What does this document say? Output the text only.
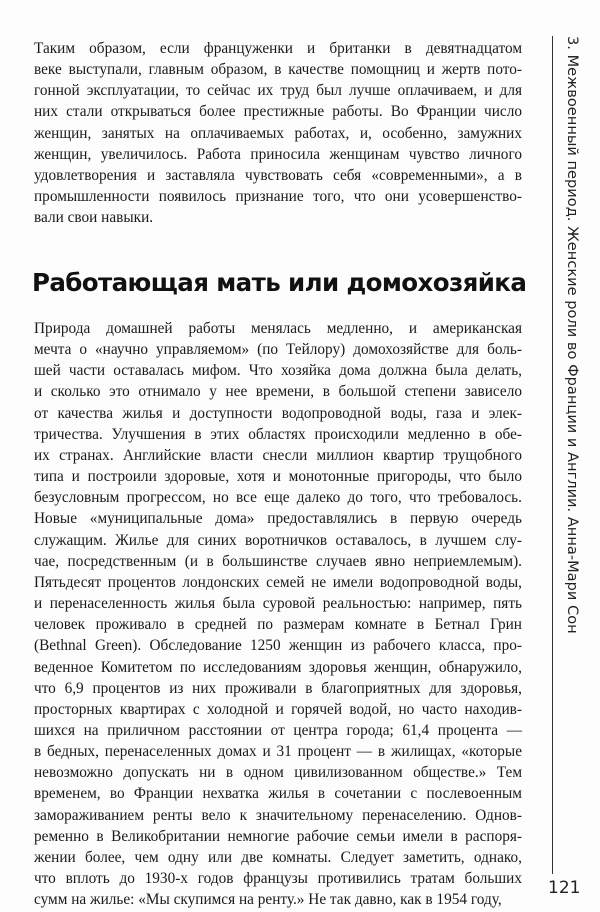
Таким образом, если француженки и британки в девятнадцатом
веке выступали, главным образом, в качестве помощниц и жертв пото-
гонной эксплуатации, то сейчас их труд был лучше оплачиваем, и для
них стали открываться более престижные работы. Во Франции число
женщин, занятых на оплачиваемых работах, и, особенно, замужних
женщин, увеличилось. Работа приносила женщинам чувство личного
удовлетворения и заставляла чувствовать себя «современными», а в
промышленности появилось признание того, что они усовершенство-
вали свои навыки.
Работающая мать или домохозяйка
Природа домашней работы менялась медленно, и американская
мечта о «научно управляемом» (по Тейлору) домохозяйстве для боль-
шей части оставалась мифом. Что хозяйка дома должна была делать,
и сколько это отнимало у нее времени, в большой степени зависело
от качества жилья и доступности водопроводной воды, газа и элек-
тричества. Улучшения в этих областях происходили медленно в обе-
их странах. Английские власти снесли миллион квартир трущобного
типа и построили здоровые, хотя и монотонные пригороды, что было
безусловным прогрессом, но все еще далеко до того, что требовалось.
Новые «муниципальные дома» предоставлялись в первую очередь
служащим. Жилье для синих воротничков оставалось, в лучшем слу-
чае, посредственным (и в большинстве случаев явно неприемлемым).
Пятьдесят процентов лондонских семей не имели водопроводной воды,
и перенаселенность жилья была суровой реальностью: например, пять
человек проживало в средней по размерам комнате в Бетнал Грин
(Bethnal Green). Обследование 1250 женщин из рабочего класса, про-
веденное Комитетом по исследованиям здоровья женщин, обнаружило,
что 6,9 процентов из них проживали в благоприятных для здоровья,
просторных квартирах с холодной и горячей водой, но часто находив-
шихся на приличном расстоянии от центра города; 61,4 процента —
в бедных, перенаселенных домах и 31 процент — в жилищах, «которые
невозможно допускать ни в одном цивилизованном обществе.» Тем
временем, во Франции нехватка жилья в сочетании с послевоенным
замораживанием ренты вело к значительному перенаселению. Однов-
ременно в Великобритании немногие рабочие семьи имели в распоря-
жении более, чем одну или две комнаты. Следует заметить, однако,
что вплоть до 1930-х годов французы противились тратам больших
сумм на жилье: «Мы скупимся на ренту.» Не так давно, как в 1954 году,
3. Межвоенный период. Женские роли во Франции и Англии. Анна-Мари Сон
121
